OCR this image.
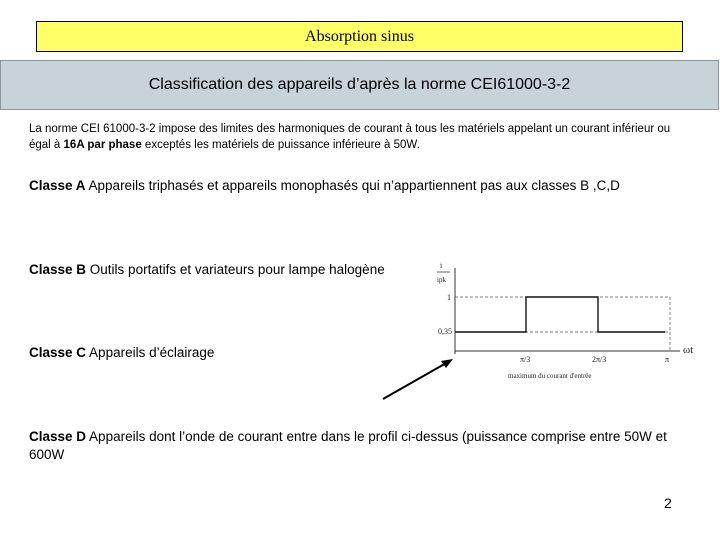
Absorption sinus
Classification des appareils d’après la norme CEI61000-3-2
La norme CEI 61000-3-2 impose des limites des harmoniques de courant à tous les matériels appelant un courant inférieur ou égal à 16A par phase exceptés les matériels de puissance inférieure à 50W.
Classe A Appareils triphasés et appareils monophasés qui n’appartiennent pas aux classes B ,C,D
Classe B Outils portatifs et variateurs pour lampe halogène
Classe C Appareils d’éclairage
Classe D Appareils dont l’onde de courant entre dans le profil ci-dessus (puissance comprise entre 50W et 600W
i
ipk
1
0,35
ωt
π/3	2π/3	π
maximum du courant d'entrée
2
